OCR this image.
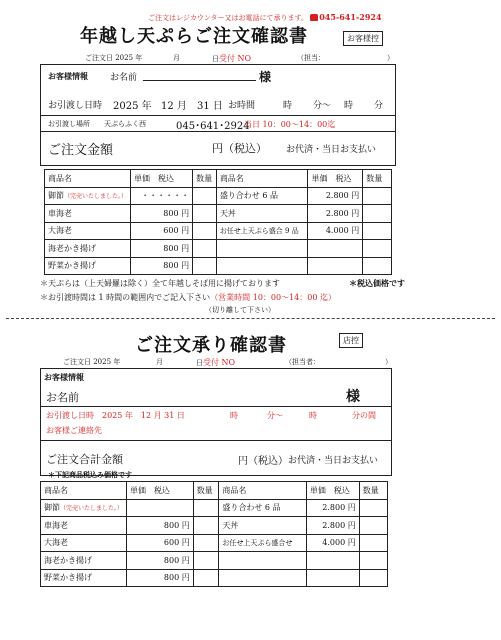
ご注文はレジカウンター又はお電話にて承ります。 045-641-2924
年越し天ぷらご注文確認書	お客様控
ご注文日 2025 年	月	日受付 NO	（担当：	）
お客様情報 お名前	様
お引渡し日時 2025 年 12 月 31 日 お時間	時 分～ 時 分
お引渡し場所 天ぷらふく西	045･641･2924
当日 10：00～14：00迄
ご注文金額	円（税込） お代済・当日お支払い
商品名	単価　税込	数量	商品名	単価　税込	数量
御節（完売いたしました。）	・・・・・・		盛り合わせ 6 品	2.800 円	
車海老	800 円		天丼	2.800 円	
大海老	600 円		お任せ上天ぷら盛合 9 品	4.000 円	
海老かき揚げ	800 円				
野菜かき揚げ	800 円				
＊天ぷらは（上天婦羅は除く）全て年越しそば用に揚げております	＊税込価格です
＊お引渡時間は 1 時間の範囲内でご記入下さい（営業時間 10：00～14：00 迄）
（切り離して下さい）
ご注文承り確認書	店控
ご注文日 2025 年	月	日受付 NO	（担当者：	）
お客様情報
お名前	様
お引渡し日時　2025 年　12 月 31 日	時	分～	時	分の間
お客様ご連絡先
ご注文合計金額	円（税込） お代済・当日お支払い
＊下記商品税込み価格です
商品名	単価　税込	数量	商品名	単価　税込	数量
御節（完売いたしました。）			盛り合わせ 6 品	2.800 円	
車海老	800 円		天丼	2.800 円	
大海老	600 円		お任せ上天ぷら盛合せ	4.000 円	
海老かき揚げ	800 円				
野菜かき揚げ	800 円				
